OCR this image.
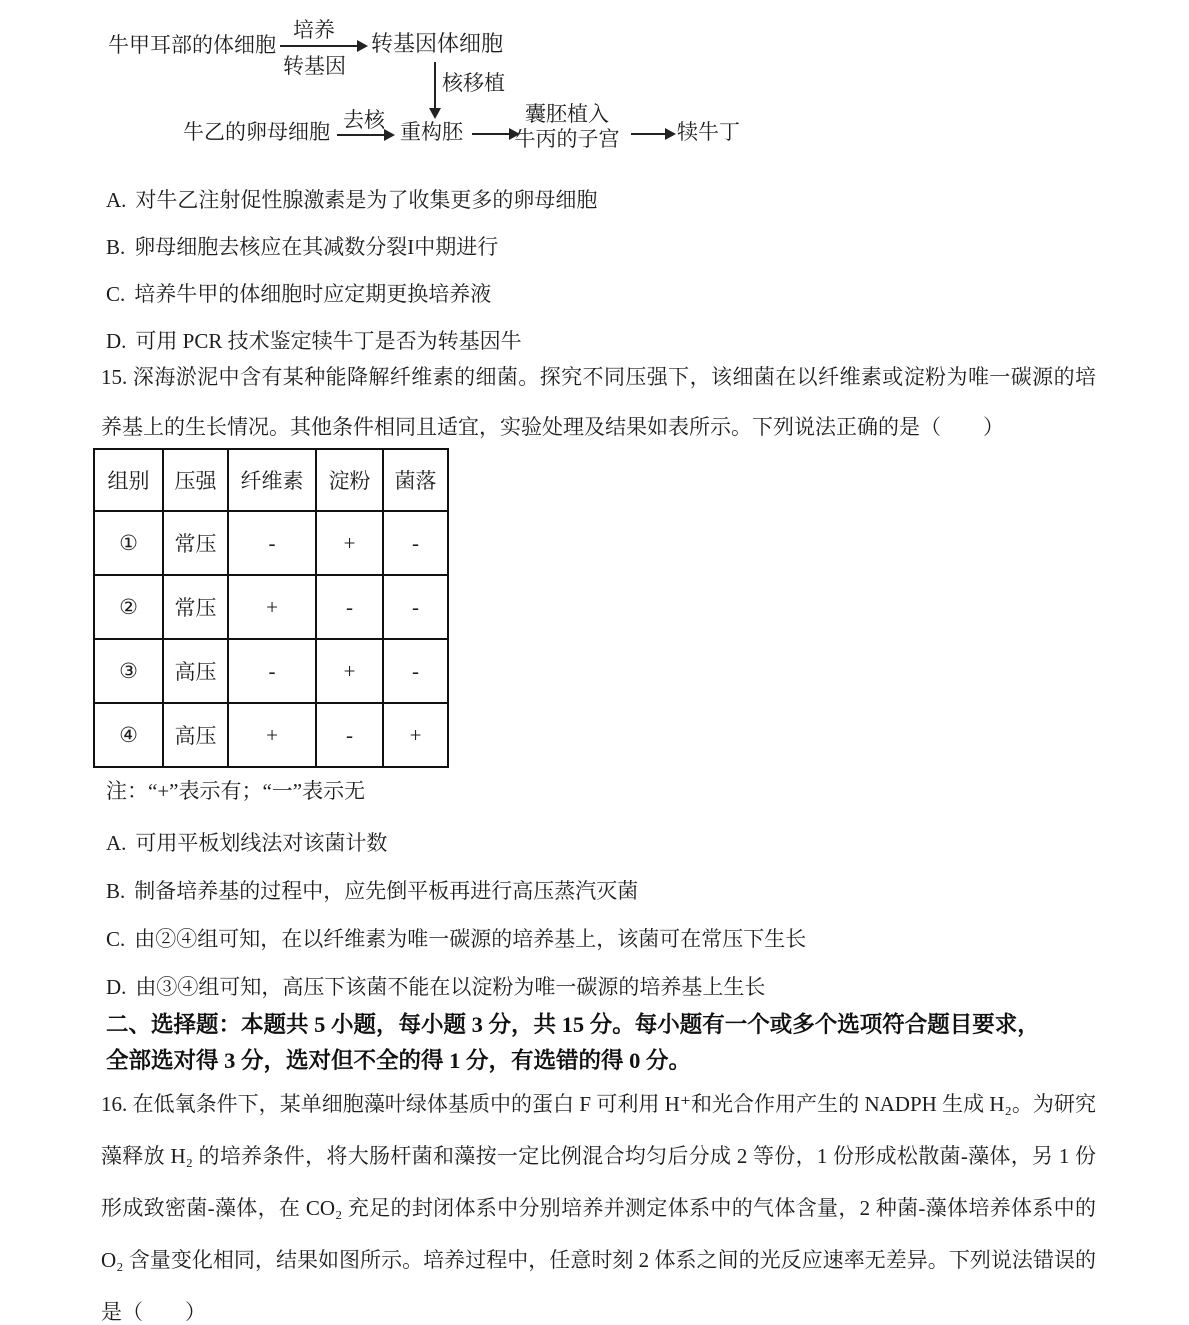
牛甲耳部的体细胞
培养
转基因
转基因体细胞
核移植
牛乙的卵母细胞 去核 重构胚
囊胚植入
牛丙的子宫	犊牛丁
A. 对牛乙注射促性腺激素是为了收集更多的卵母细胞
B. 卵母细胞去核应在其减数分裂I中期进行
C. 培养牛甲的体细胞时应定期更换培养液
D. 可用 PCR 技术鉴定犊牛丁是否为转基因牛
15. 深海淤泥中含有某种能降解纤维素的细菌。探究不同压强下，该细菌在以纤维素或淀粉为唯一碳源的培养基上的生长情况。其他条件相同且适宜，实验处理及结果如表所示。下列说法正确的是（　　）
组别	压强	纤维素	淀粉	菌落
①	常压	-	+	-
②	常压	+	-	-
③	高压	-	+	-
④	高压	+	-	+
注：“+”表示有；“一”表示无
A. 可用平板划线法对该菌计数
B. 制备培养基的过程中，应先倒平板再进行高压蒸汽灭菌
C. 由②④组可知，在以纤维素为唯一碳源的培养基上，该菌可在常压下生长
D. 由③④组可知，高压下该菌不能在以淀粉为唯一碳源的培养基上生长
二、选择题：本题共 5 小题，每小题 3 分，共 15 分。每小题有一个或多个选项符合题目要求，
全部选对得 3 分，选对但不全的得 1 分，有选错的得 0 分。
16. 在低氧条件下，某单细胞藻叶绿体基质中的蛋白 F 可利用 H⁺和光合作用产生的 NADPH 生成 H₂。为研究藻释放 H₂ 的培养条件，将大肠杆菌和藻按一定比例混合均匀后分成 2 等份，1 份形成松散菌-藻体，另 1 份形成致密菌-藻体，在 CO₂ 充足的封闭体系中分别培养并测定体系中的气体含量，2 种菌-藻体培养体系中的 O₂ 含量变化相同，结果如图所示。培养过程中，任意时刻 2 体系之间的光反应速率无差异。下列说法错误的是（　　）
